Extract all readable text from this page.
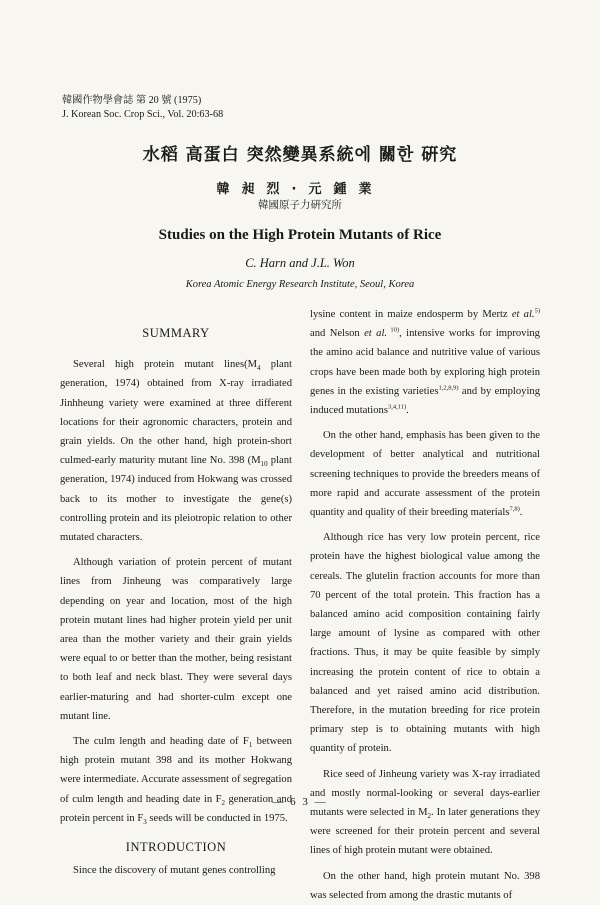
韓國作物學會誌 第 20 號 (1975)
J. Korean Soc. Crop Sci., Vol. 20:63-68
水稻 高蛋白 突然變異系統에 關한 硏究
韓昶烈·元鍾業
韓國原子力硏究所
Studies on the High Protein Mutants of Rice
C. Harn and J.L. Won
Korea Atomic Energy Research Institute, Seoul, Korea
SUMMARY

Several high protein mutant $lines(M_4$ plant generation, 1974) obtained from X-ray irradiated Jinhheung variety were examined at three different locations for their agronomic characters, protein and grain yields. On the other hand, high protein-short culmed-early maturity mutant line No. 398 ($M_{10}$ plant generation, 1974) induced from Hokwang was crossed back to its mother to investigate the gene(s) controlling protein and its pleiotropic relation to other mutated characters.

Although variation of protein percent of mutant lines from Jinheung was comparatively large depending on year and location, most of the high protein mutant lines had higher protein yield per unit area than the mother variety and their grain yields were equal to or better than the mother, being resistant to both leaf and neck blast. They were several days earlier-maturing and had shorter-culm except one mutant line.

The culm length and heading date of $F_1$ between high protein mutant 398 and its mother Hokwang were intermediate. Accurate assessment of segregation of culm length and heading date in $F_2$ generation and protein percent in $F_3$ seeds will be conducted in 1975.

INTRODUCTION

Since the discovery of mutant genes controlling

lysine content in maize endosperm by Mertz et al.$^{5)}$ and Nelson et al. $^{10)}$, intensive works for improving the amino acid balance and nutritive value of various crops have been made both by exploring high protein genes in the existing varieties$^{1,2,8,9)}$ and by employing induced mutations$^{3,4,11)}$.

On the other hand, emphasis has been given to the development of better analytical and nutritional screening techniques to provide the breeders means of more rapid and accurate assessment of the protein quantity and quality of their breeding materials$^{7,8)}$.

Although rice has very low protein percent, rice protein have the highest biological value among the cereals. The glutelin fraction accounts for more than 70 percent of the total protein. This fraction has a balanced amino acid composition containing fairly large amount of lysine as compared with other fractions. Thus, it may be quite feasible by simply increasing the protein content of rice to obtain a balanced and yet raised amino acid distribution. Therefore, in the mutation breeding for rice protein primary step is to obtaining mutants with high quantity of protein.

Rice seed of Jinheung variety was X-ray irradiated and mostly normal-looking or several days-earlier mutants were selected in $M_2$. In later generations they were screened for their protein percent and several lines of high protein mutant were obtained.

On the other hand, high protein mutant No. 398 was selected from among the drastic mutants of

— 6 3 —
